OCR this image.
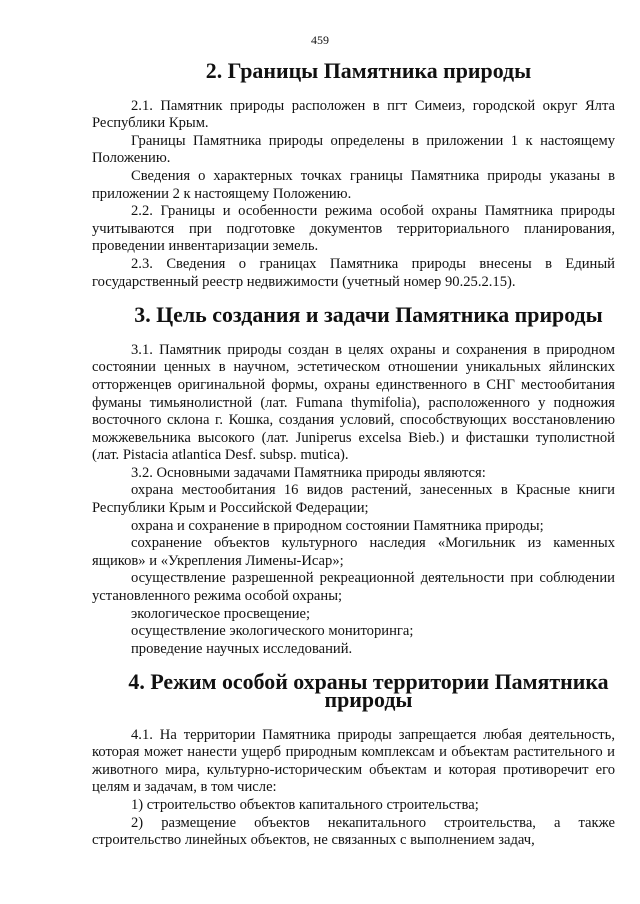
459
2. Границы Памятника природы

2.1. Памятник природы расположен в пгт Симеиз, городской округ Ялта Республики Крым.

Границы Памятника природы определены в приложении 1 к настоящему Положению.

Сведения о характерных точках границы Памятника природы указаны в приложении 2 к настоящему Положению.

2.2. Границы и особенности режима особой охраны Памятника природы учитываются при подготовке документов территориального планирования, проведении инвентаризации земель.

2.3. Сведения о границах Памятника природы внесены в Единый государственный реестр недвижимости (учетный номер 90.25.2.15).

3. Цель создания и задачи Памятника природы

3.1. Памятник природы создан в целях охраны и сохранения в природном состоянии ценных в научном, эстетическом отношении уникальных яйлинских отторженцев оригинальной формы, охраны единственного в СНГ местообитания фуманы тимьянолистной (лат. Fumana thymifolia), расположенного у подножия восточного склона г. Кошка, создания условий, способствующих восстановлению можжевельника высокого (лат. Juniperus excelsa Bieb.) и фисташки туполистной (лат. Pistacia atlantica Desf. subsp. mutica).

3.2. Основными задачами Памятника природы являются:

охрана местообитания 16 видов растений, занесенных в Красные книги Республики Крым и Российской Федерации;

охрана и сохранение в природном состоянии Памятника природы;

сохранение объектов культурного наследия «Могильник из каменных ящиков» и «Укрепления Лимены-Исар»;

осуществление разрешенной рекреационной деятельности при соблюдении установленного режима особой охраны;

экологическое просвещение;

осуществление экологического мониторинга;

проведение научных исследований.

4. Режим особой охраны территории Памятника природы

4.1. На территории Памятника природы запрещается любая деятельность, которая может нанести ущерб природным комплексам и объектам растительного и животного мира, культурно-историческим объектам и которая противоречит его целям и задачам, в том числе:

1) строительство объектов капитального строительства;

2) размещение объектов некапитального строительства, а также строительство линейных объектов, не связанных с выполнением задач,
